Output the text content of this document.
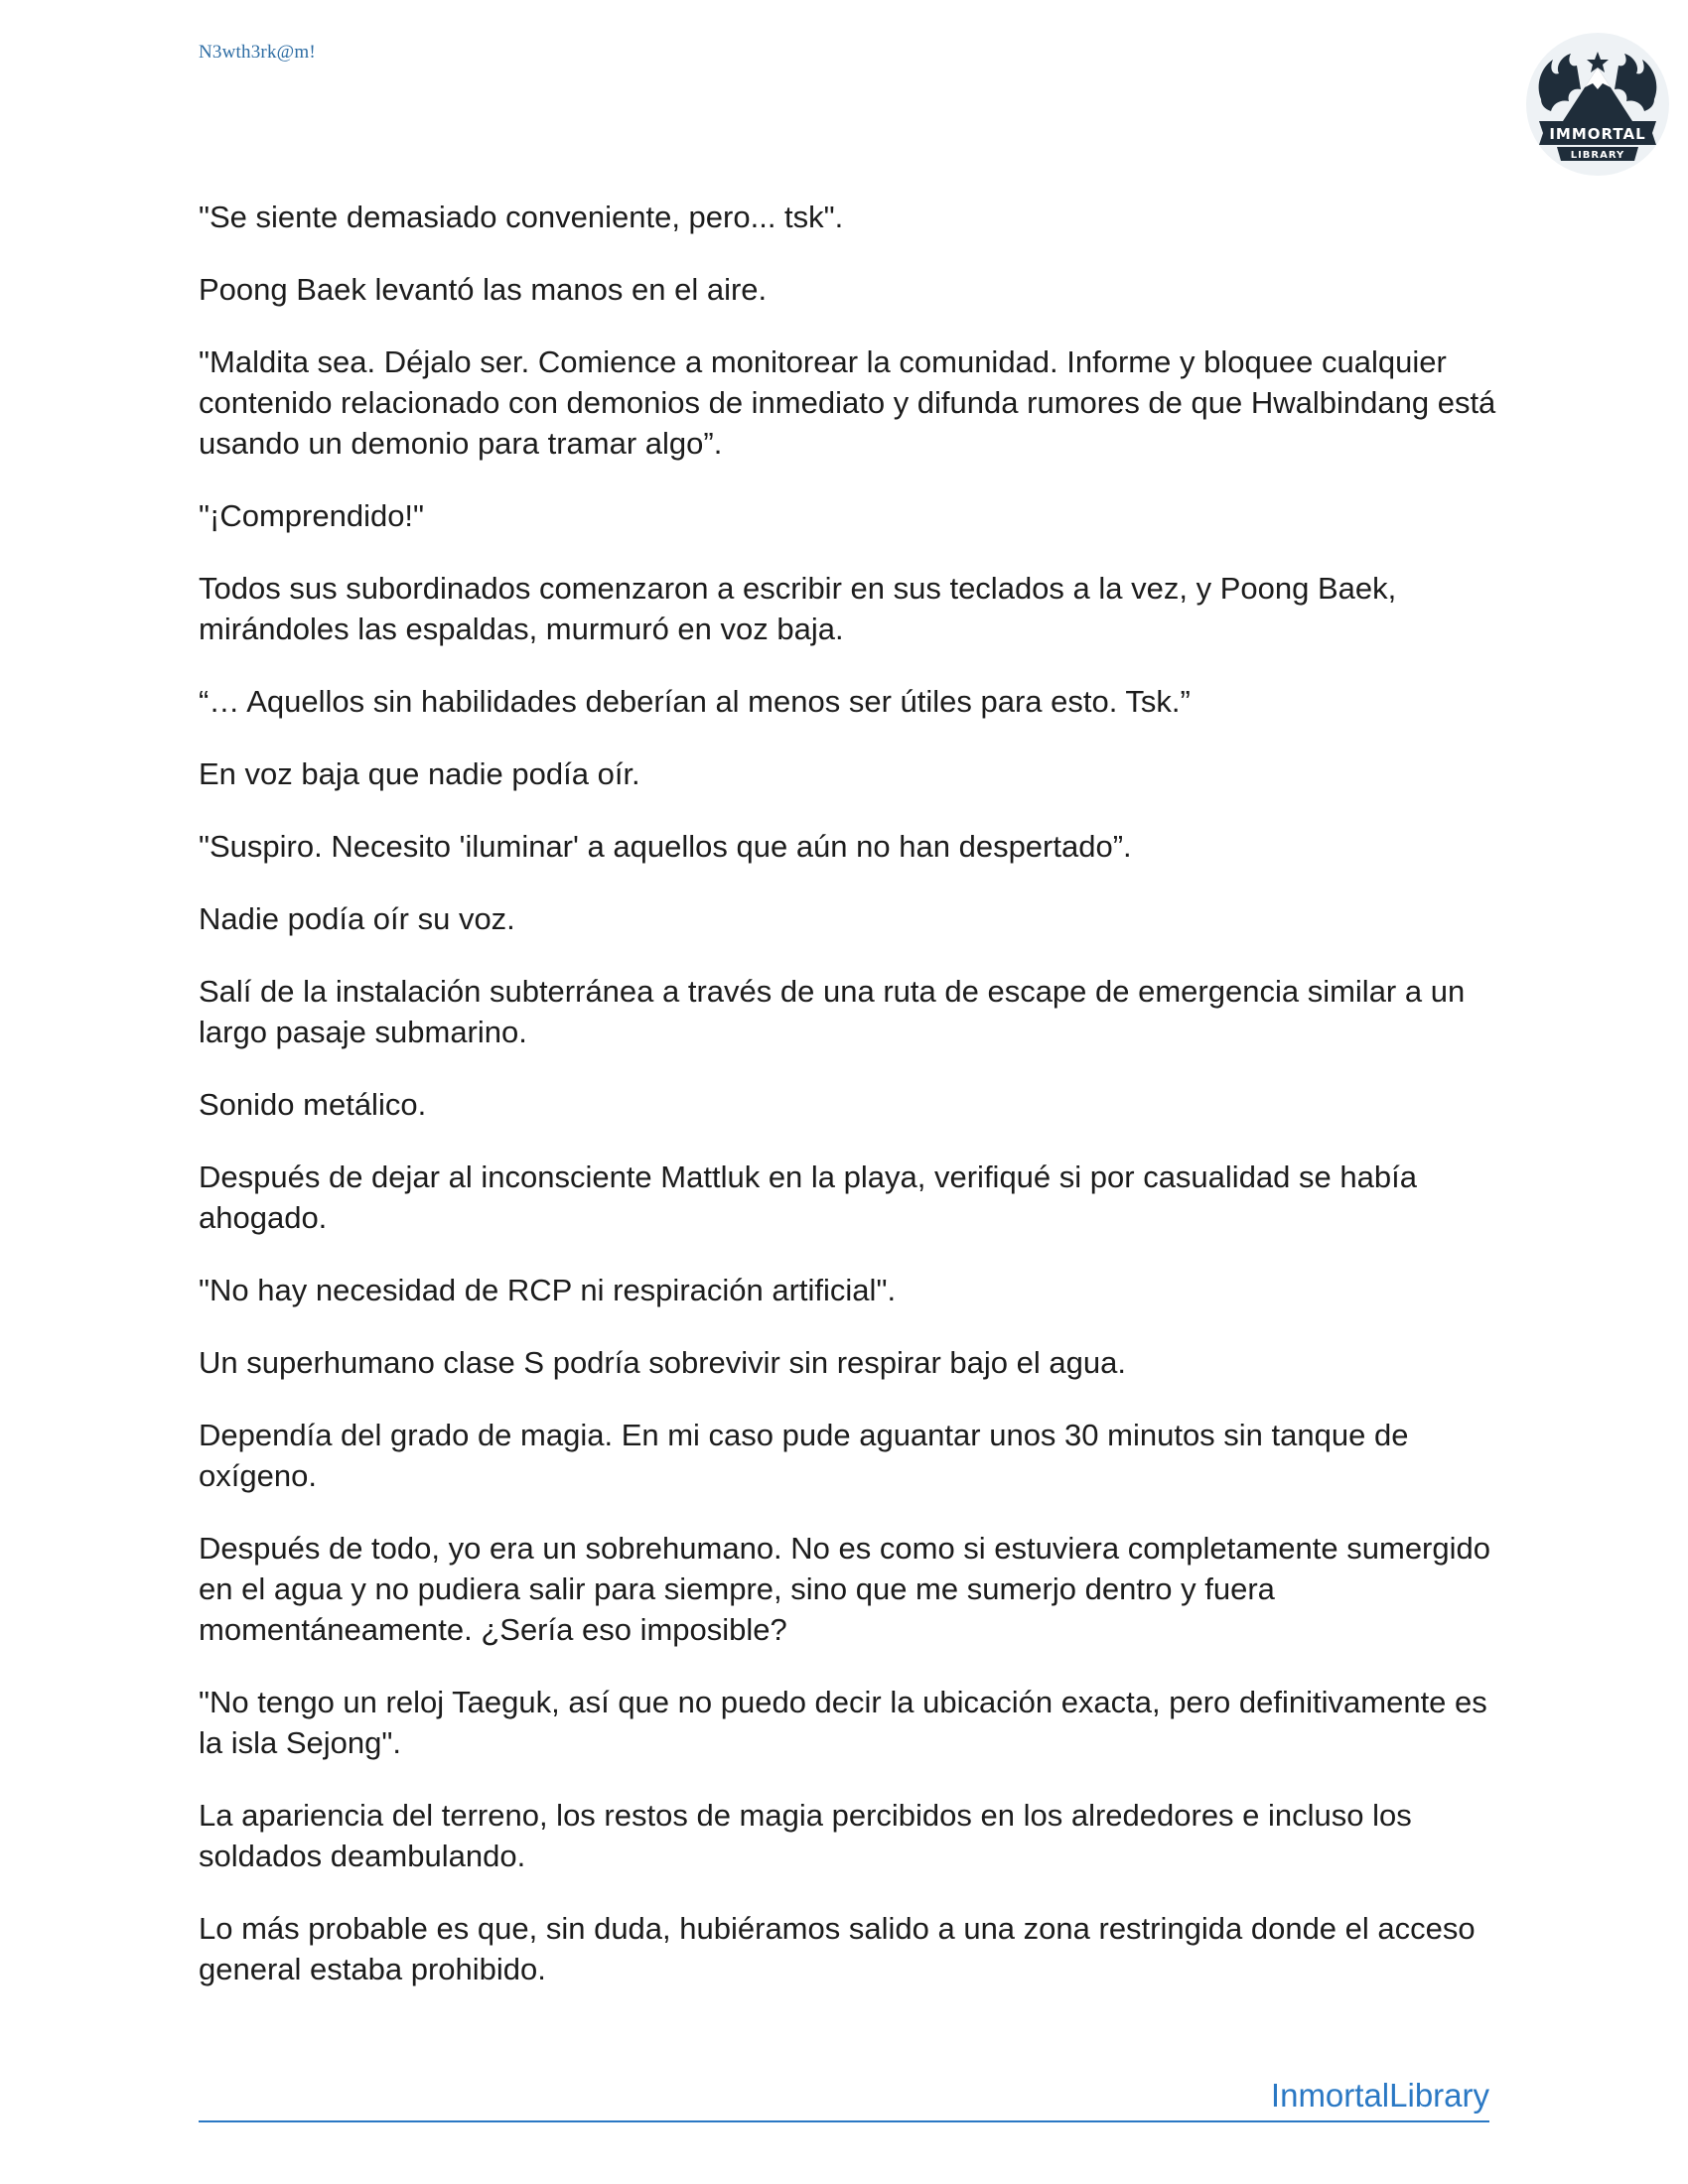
N3wth3rk@m!
IMMORTAL
LIBRARY

"Se siente demasiado conveniente, pero... tsk".

Poong Baek levantó las manos en el aire.

"Maldita sea. Déjalo ser. Comience a monitorear la comunidad. Informe y bloquee cualquier contenido relacionado con demonios de inmediato y difunda rumores de que Hwalbindang está usando un demonio para tramar algo”.

"¡Comprendido!"

Todos sus subordinados comenzaron a escribir en sus teclados a la vez, y Poong Baek, mirándoles las espaldas, murmuró en voz baja.

“… Aquellos sin habilidades deberían al menos ser útiles para esto. Tsk.”

En voz baja que nadie podía oír.

"Suspiro. Necesito 'iluminar' a aquellos que aún no han despertado”.

Nadie podía oír su voz.

Salí de la instalación subterránea a través de una ruta de escape de emergencia similar a un largo pasaje submarino.

Sonido metálico.

Después de dejar al inconsciente Mattluk en la playa, verifiqué si por casualidad se había ahogado.

"No hay necesidad de RCP ni respiración artificial".

Un superhumano clase S podría sobrevivir sin respirar bajo el agua.

Dependía del grado de magia. En mi caso pude aguantar unos 30 minutos sin tanque de oxígeno.

Después de todo, yo era un sobrehumano. No es como si estuviera completamente sumergido en el agua y no pudiera salir para siempre, sino que me sumerjo dentro y fuera momentáneamente. ¿Sería eso imposible?

"No tengo un reloj Taeguk, así que no puedo decir la ubicación exacta, pero definitivamente es la isla Sejong".

La apariencia del terreno, los restos de magia percibidos en los alrededores e incluso los soldados deambulando.

Lo más probable es que, sin duda, hubiéramos salido a una zona restringida donde el acceso general estaba prohibido.

InmortalLibrary
